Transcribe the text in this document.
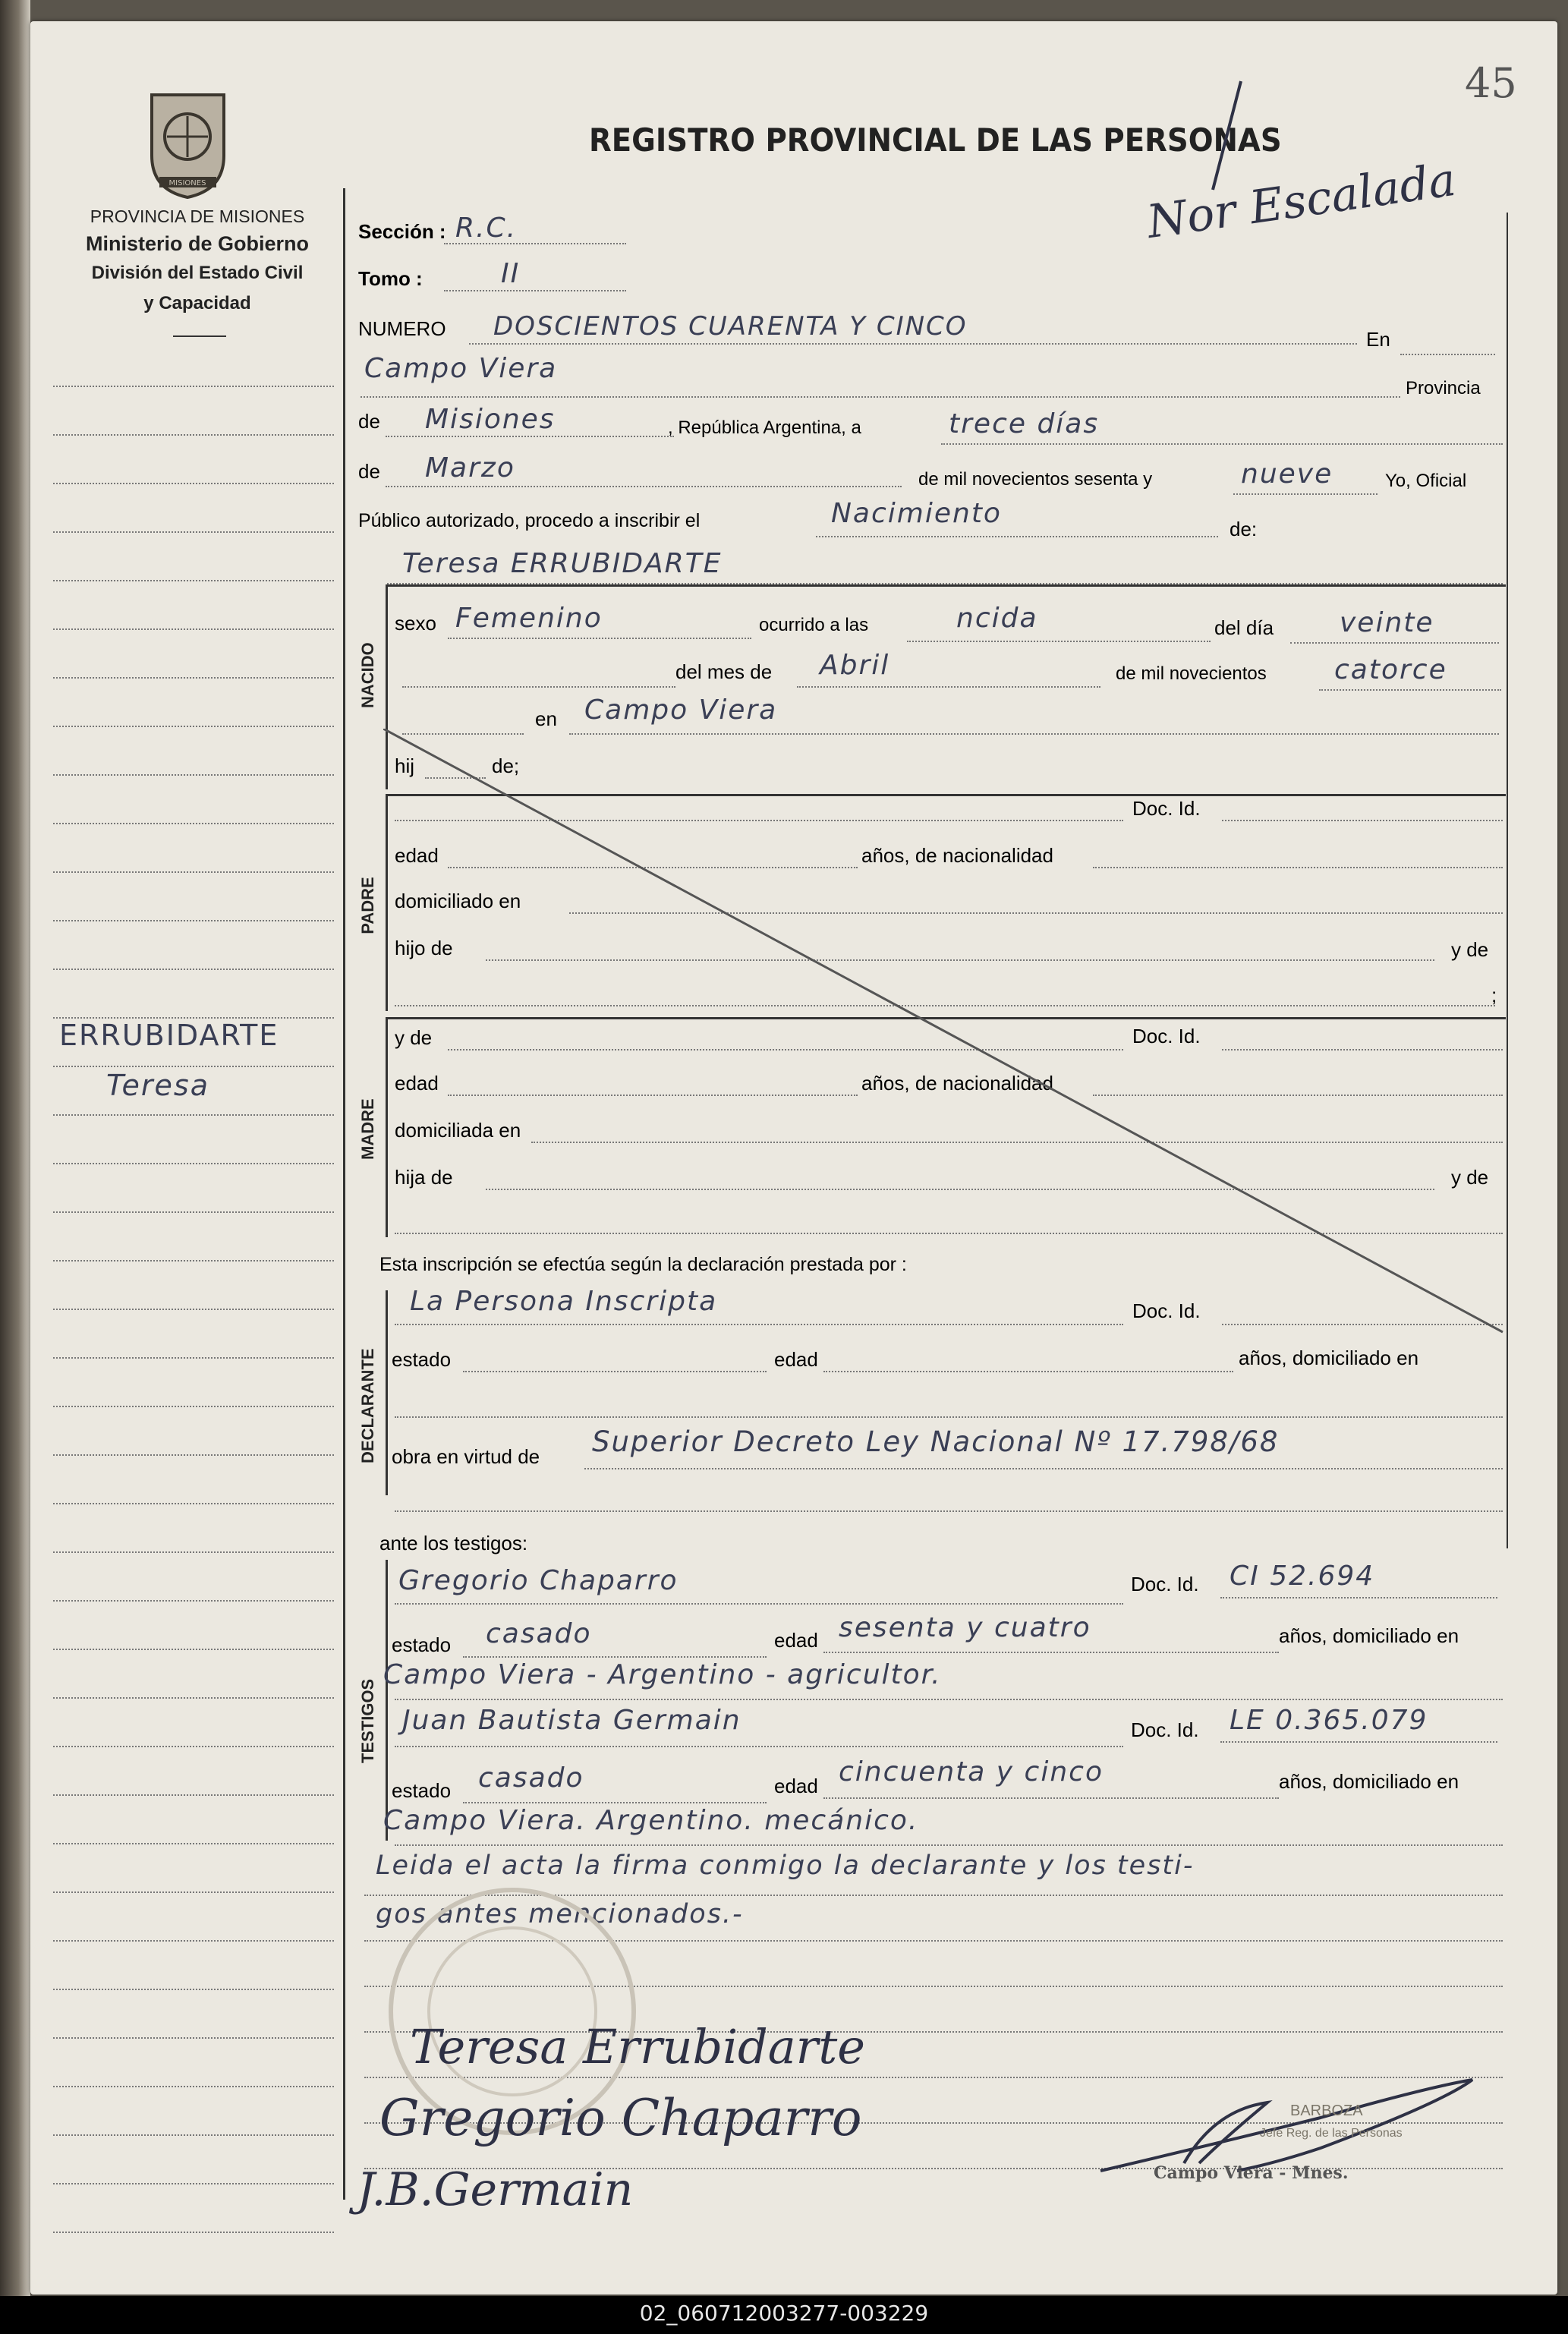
45
REGISTRO PROVINCIAL DE LAS PERSONAS
MISIONES
PROVINCIA DE MISIONES
Ministerio de Gobierno
División del Estado Civil
y Capacidad
ERRUBIDARTE
Teresa
NACIDO
PADRE
MADRE
DECLARANTE
TESTIGOS
Sección : R.C.
Tomo :	II
NUMERO DOSCIENTOS CUARENTA Y CINCO	En
Campo Viera
Provincia
de Misiones	, República Argentina, a	trece días
de Marzo	de mil novecientos sesenta y	nueve	Yo, Oficial
Público autorizado, procedo a inscribir el	Nacimiento	de:
Teresa ERRUBIDARTE
sexo Femenino	ocurrido a las	ncida	del día veinte
del mes de Abril	de mil novecientos catorce
en Campo Viera
hij	de;
Doc. Id.
edad	años, de nacionalidad
domiciliado en
hijo de	y de
;
y de	Doc. Id.
edad	años, de nacionalidad
domiciliada en
hija de	y de
Esta inscripción se efectúa según la declaración prestada por :
La Persona Inscripta	Doc. Id.
estado	edad	años, domiciliado en
obra en virtud de Superior Decreto Ley Nacional Nº 17.798/68
ante los testigos:
Gregorio Chaparro	Doc. Id. CI 52.694
estado casado	edad sesenta y cuatro	años, domiciliado en
Campo Viera - Argentino - agricultor.
Juan Bautista Germain	Doc. Id. LE 0.365.079
estado casado	edad cincuenta y cinco	años, domiciliado en
Campo Viera. Argentino. mecánico.
Leida el acta la firma conmigo la declarante y los testi-
gos antes mencionados.-
Nor Escalada
Teresa Errubidarte
Gregorio Chaparro
J.B.Germain
BARBOZA
Jefe Reg. de las Personas
Campo Viera - Mnes.
02_060712003277-003229
